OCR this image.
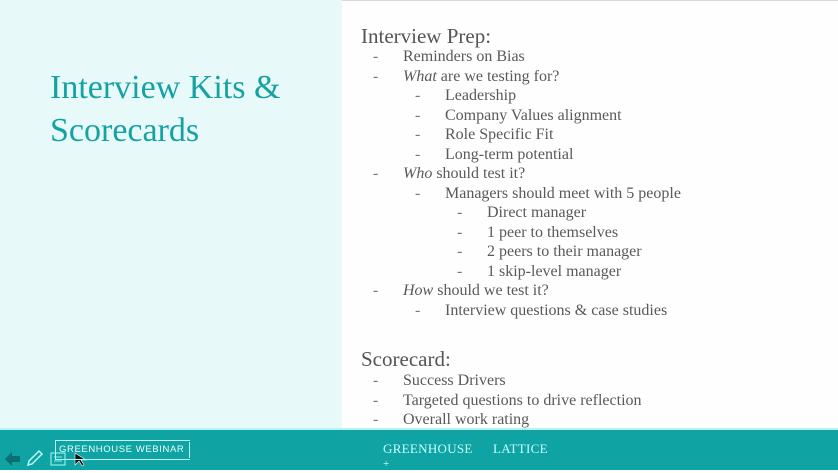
Interview Kits &
Scorecards
Interview Prep:
- Reminders on Bias
- What are we testing for?
- Leadership
- Company Values alignment
- Role Specific Fit
- Long-term potential
- Who should test it?
- Managers should meet with 5 people
- Direct manager
- 1 peer to themselves
- 2 peers to their manager
- 1 skip-level manager
- How should we test it?
- Interview questions & case studies
Scorecard:
- Success Drivers
- Targeted questions to drive reflection
- Overall work rating
GREENHOUSE WEBINAR	GREENHOUSE
+
LATTICE
